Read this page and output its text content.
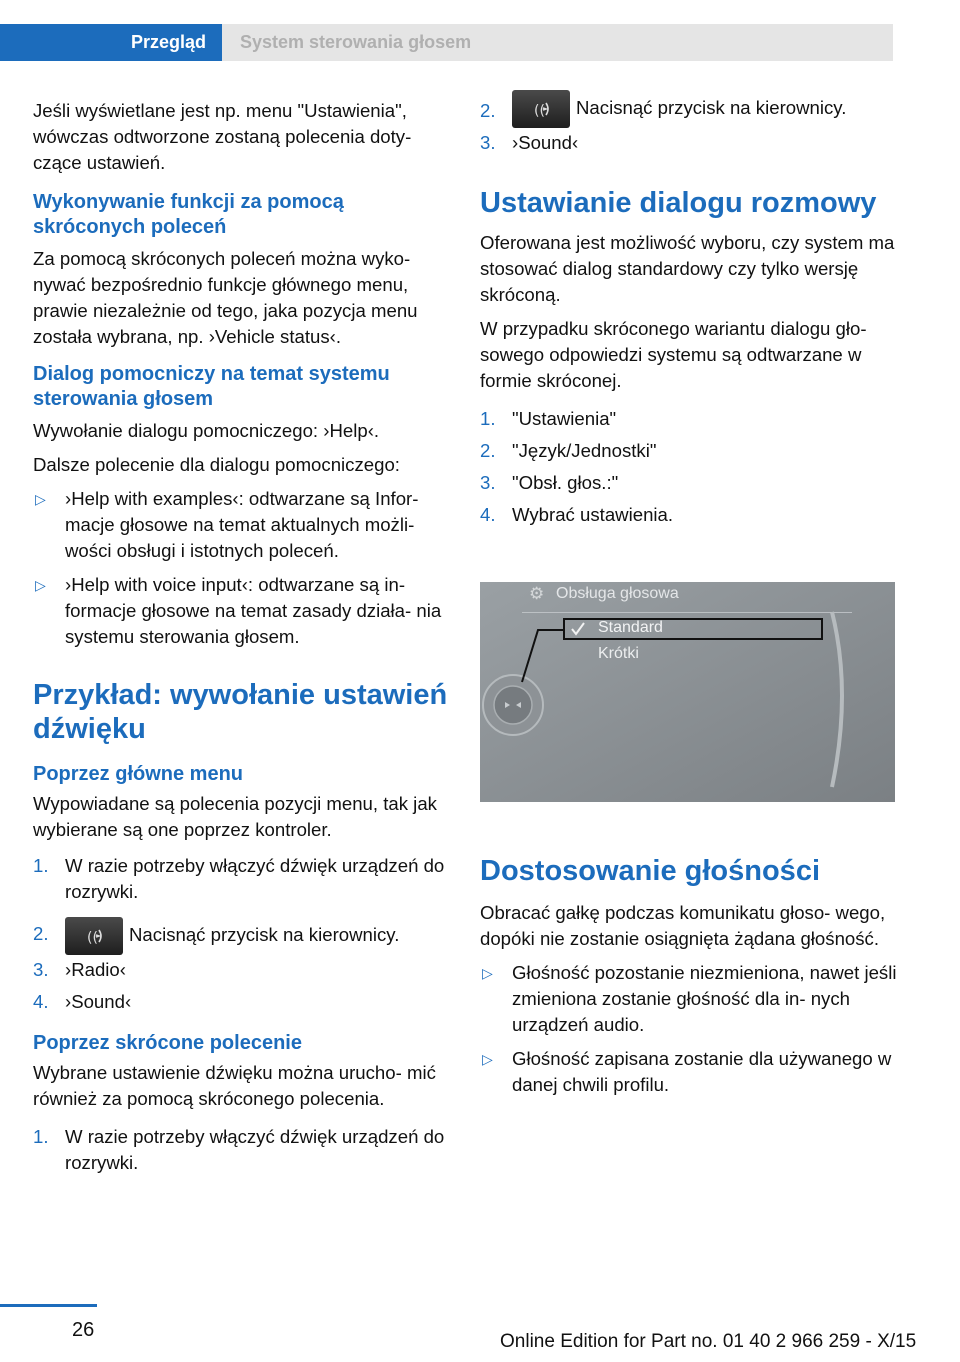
Przegląd System sterowania głosem

Jeśli wyświetlane jest np. menu "Ustawienia", wówczas odtworzone zostaną polecenia doty‐ czące ustawień.

Wykonywanie funkcji za pomocą skróconych poleceń

Za pomocą skróconych poleceń można wyko‐ nywać bezpośrednio funkcje głównego menu, prawie niezależnie od tego, jaka pozycja menu została wybrana, np. ›Vehicle status‹.

Dialog pomocniczy na temat systemu sterowania głosem

Wywołanie dialogu pomocniczego: ›Help‹.

Dalsze polecenie dla dialogu pomocniczego:

▷ ›Help with examples‹: odtwarzane są Infor‐ macje głosowe na temat aktualnych możli‐ wości obsługi i istotnych poleceń.
▷ ›Help with voice input‹: odtwarzane są in‐ formacje głosowe na temat zasady działa‐ nia systemu sterowania głosem.
Przykład: wywołanie ustawień dźwięku
Poprzez główne menu

Wypowiadane są polecenia pozycji menu, tak jak wybierane są one poprzez kontroler.

1. W razie potrzeby włączyć dźwięk urządzeń do rozrywki.
2.	(( Nacisnąć przycisk na kierownicy.
3. ›Radio‹
4. ›Sound‹
Poprzez skrócone polecenie

Wybrane ustawienie dźwięku można urucho‐ mić również za pomocą skróconego polecenia.

1. W razie potrzeby włączyć dźwięk urządzeń do rozrywki.
2.	(( Nacisnąć przycisk na kierownicy.
3. ›Sound‹
Ustawianie dialogu rozmowy

Oferowana jest możliwość wyboru, czy system ma stosować dialog standardowy czy tylko wersję skróconą.

W przypadku skróconego wariantu dialogu gło‐ sowego odpowiedzi systemu są odtwarzane w formie skróconej.

1. "Ustawienia"
2. "Język/Jednostki"
3. "Obsł. głos.:"
4. Wybrać ustawienia.
⚙ Obsługa głosowa
Standard
Krótki
Dostosowanie głośności

Obracać gałkę podczas komunikatu głoso‐ wego, dopóki nie zostanie osiągnięta żądana głośność.

▷ Głośność pozostanie niezmieniona, nawet jeśli zmieniona zostanie głośność dla in‐ nych urządzeń audio.
▷ Głośność zapisana zostanie dla używanego w danej chwili profilu.
26
Online Edition for Part no. 01 40 2 966 259 - X/15
